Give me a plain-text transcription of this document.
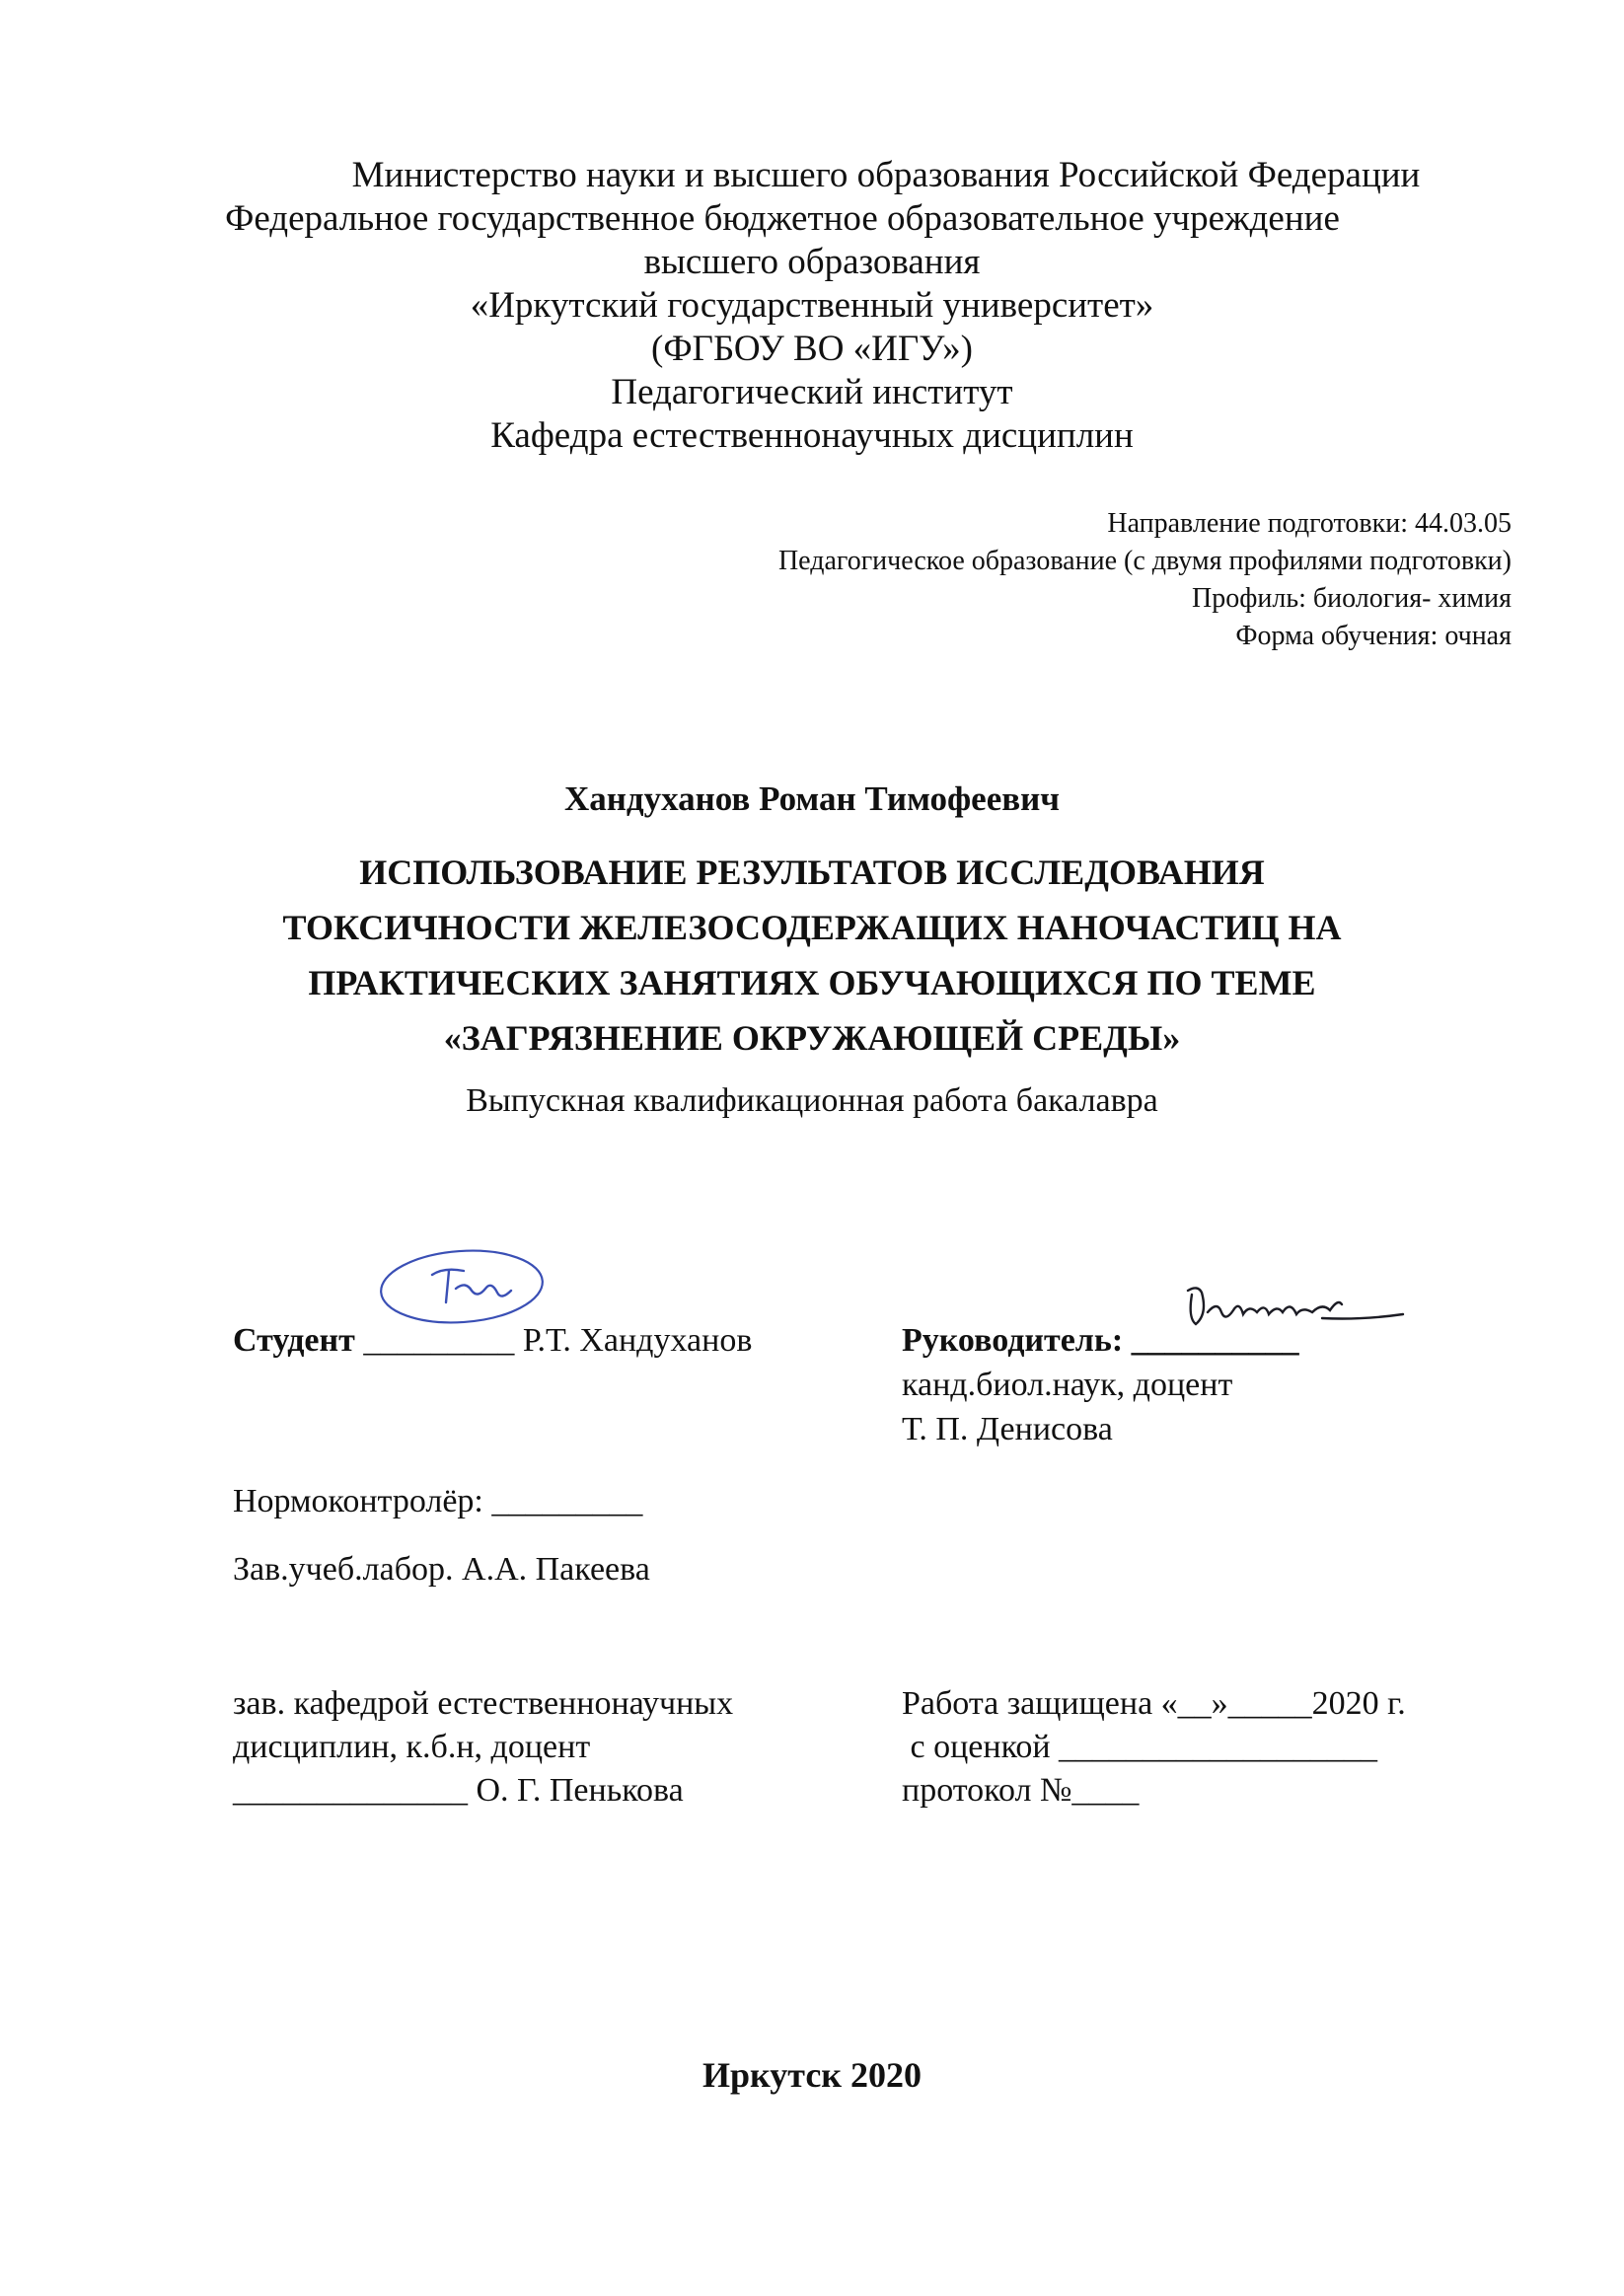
Министерство науки и высшего образования Российской Федерации
Федеральное государственное бюджетное образовательное учреждение
высшего образования
«Иркутский государственный университет»
(ФГБОУ ВО «ИГУ»)
Педагогический институт
Кафедра естественнонаучных дисциплин
Направление подготовки: 44.03.05
Педагогическое образование (с двумя профилями подготовки)
Профиль: биология- химия
Форма обучения: очная
Хандуханов Роман Тимофеевич
ИСПОЛЬЗОВАНИЕ РЕЗУЛЬТАТОВ ИССЛЕДОВАНИЯ
ТОКСИЧНОСТИ ЖЕЛЕЗОСОДЕРЖАЩИХ НАНОЧАСТИЦ НА
ПРАКТИЧЕСКИХ ЗАНЯТИЯХ ОБУЧАЮЩИХСЯ ПО ТЕМЕ
«ЗАГРЯЗНЕНИЕ ОКРУЖАЮЩЕЙ СРЕДЫ»
Выпускная квалификационная работа бакалавра
Студент _________ Р.Т. Хандуханов	Руководитель: __________
канд.биол.наук, доцент
Т. П. Денисова
Нормоконтролёр: _________
Зав.учеб.лабор. А.А. Пакеева
зав. кафедрой естественнонаучных
дисциплин, к.б.н, доцент
______________ О. Г. Пенькова
Работа защищена «__»_____2020 г.
с оценкой ___________________
протокол №____
Иркутск 2020
